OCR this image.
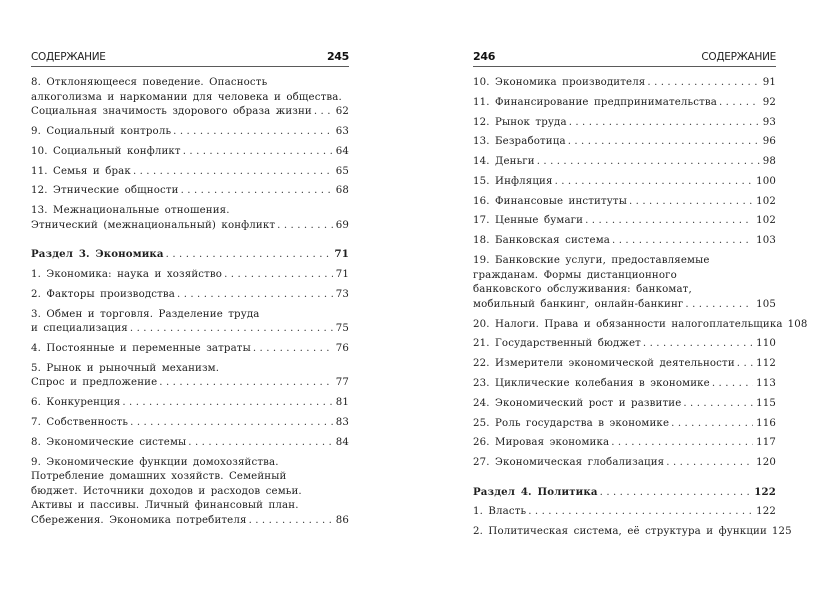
СОДЕРЖАНИЕ	245
8. Отклоняющееся поведение. Опасность
алкоголизма и наркомании для человека и общества.
Социальная значимость здорового образа жизни . . . 62
9. Социальный контроль . . .	63
10. Социальный конфликт . . .	64
11. Семья и брак . . .	65
12. Этнические общности . . .	68
13. Межнациональные отношения.
Этнический (межнациональный) конфликт . . .	69
Раздел 3. Экономика . . .	71
1. Экономика: наука и хозяйство . . .	71
2. Факторы производства . . .	73
3. Обмен и торговля. Разделение труда
и специализация . . .	75
4. Постоянные и переменные затраты . . .	76
5. Рынок и рыночный механизм.
Спрос и предложение . . .	77
6. Конкуренция . . .	81
7. Собственность . . .	83
8. Экономические системы . . .	84
9. Экономические функции домохозяйства.
Потребление домашних хозяйств. Семейный
бюджет. Источники доходов и расходов семьи.
Активы и пассивы. Личный финансовый план.
Сбережения. Экономика потребителя . . .	86
246	СОДЕРЖАНИЕ
10. Экономика производителя . . .	91
11. Финансирование предпринимательства . . .	92
12. Рынок труда . . .	93
13. Безработица . . .	96
14. Деньги . . .	98
15. Инфляция . . .	100
16. Финансовые институты . . .	102
17. Ценные бумаги . . .	102
18. Банковская система . . .	103
19. Банковские услуги, предоставляемые
гражданам. Формы дистанционного
банковского обслуживания: банкомат,
мобильный банкинг, онлайн-банкинг . . .	105
20. Налоги. Права и обязанности налогоплательщика 108
21. Государственный бюджет . . .	110
22. Измерители экономической деятельности . . . 112
23. Циклические колебания в экономике . . .	113
24. Экономический рост и развитие . . .	115
25. Роль государства в экономике . . .	116
26. Мировая экономика . . .	117
27. Экономическая глобализация . . .	120
Раздел 4. Политика . . .	122
1. Власть . . .	122
2. Политическая система, её структура и функции 125
